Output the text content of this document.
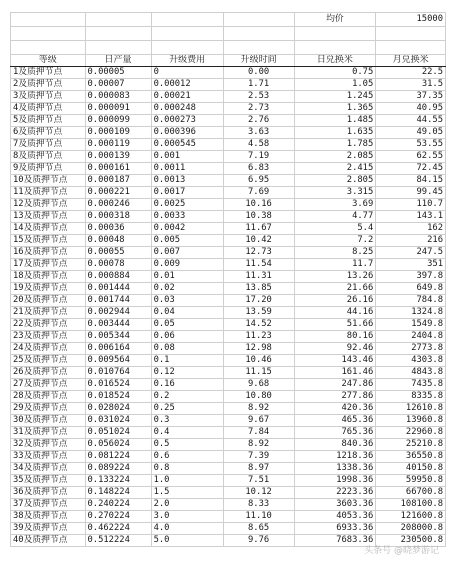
				均价	15000

等级	日产量	升级费用	升级时间	日兑换米	月兑换米
1及质押节点	0.00005	0	0.00	0.75	22.5
2及质押节点	0.00007	0.00012	1.71	1.05	31.5
3及质押节点	0.000083	0.00021	2.53	1.245	37.35
4及质押节点	0.000091	0.000248	2.73	1.365	40.95
5及质押节点	0.000099	0.000273	2.76	1.485	44.55
6及质押节点	0.000109	0.000396	3.63	1.635	49.05
7及质押节点	0.000119	0.000545	4.58	1.785	53.55
8及质押节点	0.000139	0.001	7.19	2.085	62.55
9及质押节点	0.000161	0.0011	6.83	2.415	72.45
10及质押节点	0.000187	0.0013	6.95	2.805	84.15
11及质押节点	0.000221	0.0017	7.69	3.315	99.45
12及质押节点	0.000246	0.0025	10.16	3.69	110.7
13及质押节点	0.000318	0.0033	10.38	4.77	143.1
14及质押节点	0.00036	0.0042	11.67	5.4	162
15及质押节点	0.00048	0.005	10.42	7.2	216
16及质押节点	0.00055	0.007	12.73	8.25	247.5
17及质押节点	0.00078	0.009	11.54	11.7	351
18及质押节点	0.000884	0.01	11.31	13.26	397.8
19及质押节点	0.001444	0.02	13.85	21.66	649.8
20及质押节点	0.001744	0.03	17.20	26.16	784.8
21及质押节点	0.002944	0.04	13.59	44.16	1324.8
22及质押节点	0.003444	0.05	14.52	51.66	1549.8
23及质押节点	0.005344	0.06	11.23	80.16	2404.8
24及质押节点	0.006164	0.08	12.98	92.46	2773.8
25及质押节点	0.009564	0.1	10.46	143.46	4303.8
26及质押节点	0.010764	0.12	11.15	161.46	4843.8
27及质押节点	0.016524	0.16	9.68	247.86	7435.8
28及质押节点	0.018524	0.2	10.80	277.86	8335.8
29及质押节点	0.028024	0.25	8.92	420.36	12610.8
30及质押节点	0.031024	0.3	9.67	465.36	13960.8
31及质押节点	0.051024	0.4	7.84	765.36	22960.8
32及质押节点	0.056024	0.5	8.92	840.36	25210.8
33及质押节点	0.081224	0.6	7.39	1218.36	36550.8
34及质押节点	0.089224	0.8	8.97	1338.36	40150.8
35及质押节点	0.133224	1.0	7.51	1998.36	59950.8
36及质押节点	0.148224	1.5	10.12	2223.36	66700.8
37及质押节点	0.240224	2.0	8.33	3603.36	108100.8
38及质押节点	0.270224	3.0	11.10	4053.36	121600.8
39及质押节点	0.462224	4.0	8.65	6933.36	208000.8
40及质押节点	0.512224	5.0	9.76	7683.36	230500.8
头条号 @晓梦游记
